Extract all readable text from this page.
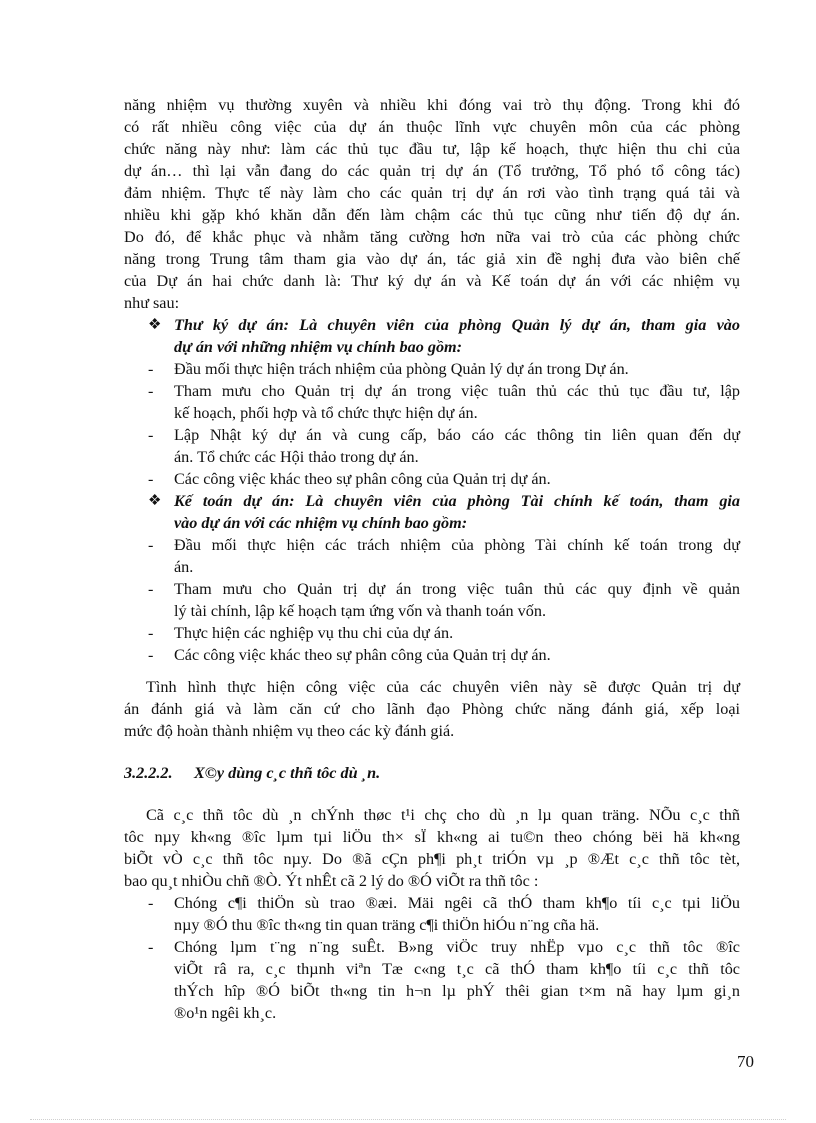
năng nhiệm vụ thường xuyên và nhiều khi đóng vai trò thụ động. Trong khi đó
có rất nhiều công việc của dự án thuộc lĩnh vực chuyên môn của các phòng
chức năng này như: làm các thủ tục đầu tư, lập kế hoạch, thực hiện thu chi của
dự án… thì lại vẫn đang do các quản trị dự án (Tổ trưởng, Tổ phó tổ công tác)
đảm nhiệm. Thực tế này làm cho các quản trị dự án rơi vào tình trạng quá tải và
nhiều khi gặp khó khăn dẫn đến làm chậm các thủ tục cũng như tiến độ dự án.
Do đó, để khắc phục và nhằm tăng cường hơn nữa vai trò của các phòng chức
năng trong Trung tâm tham gia vào dự án, tác giả xin đề nghị đưa vào biên chế
của Dự án hai chức danh là: Thư ký dự án và Kế toán dự án với các nhiệm vụ
như sau:
❖ Thư ký dự án: Là chuyên viên của phòng Quản lý dự án, tham gia vào
dự án với những nhiệm vụ chính bao gồm:
- Đầu mối thực hiện trách nhiệm của phòng Quản lý dự án trong Dự án.
- Tham mưu cho Quản trị dự án trong việc tuân thủ các thủ tục đầu tư, lập
kế hoạch, phối hợp và tổ chức thực hiện dự án.
- Lập Nhật ký dự án và cung cấp, báo cáo các thông tin liên quan đến dự
án. Tổ chức các Hội thảo trong dự án.
- Các công việc khác theo sự phân công của Quản trị dự án.
❖ Kế toán dự án: Là chuyên viên của phòng Tài chính kế toán, tham gia
vào dự án với các nhiệm vụ chính bao gồm:
- Đầu mối thực hiện các trách nhiệm của phòng Tài chính kế toán trong dự
án.
- Tham mưu cho Quản trị dự án trong việc tuân thủ các quy định về quản
lý tài chính, lập kế hoạch tạm ứng vốn và thanh toán vốn.
- Thực hiện các nghiệp vụ thu chi của dự án.
- Các công việc khác theo sự phân công của Quản trị dự án.
Tình hình thực hiện công việc của các chuyên viên này sẽ được Quản trị dự
án đánh giá và làm căn cứ cho lãnh đạo Phòng chức năng đánh giá, xếp loại
mức độ hoàn thành nhiệm vụ theo các kỳ đánh giá.
3.2.2.2. X©y dùng c¸c thñ tôc dù ¸n.
Cã c¸c thñ tôc dù ¸n chÝnh thøc t¹i chç cho dù ¸n lµ quan träng. NÕu c¸c thñ
tôc nµy kh«ng ®îc lµm tµi liÖu th× sÏ kh«ng ai tu©n theo chóng bëi hä kh«ng
biÕt vÒ c¸c thñ tôc nµy. Do ®ã cÇn ph¶i ph¸t triÓn vµ ¸p ®Æt c¸c thñ tôc tèt,
bao qu¸t nhiÒu chñ ®Ò. Ýt nhÊt cã 2 lý do ®Ó viÕt ra thñ tôc :
- Chóng c¶i thiÖn sù trao ®æi. Mäi ngêi cã thÓ tham kh¶o tíi c¸c tµi liÖu
nµy ®Ó thu ®îc th«ng tin quan träng c¶i thiÖn hiÓu n¨ng cña hä.
- Chóng lµm t¨ng n¨ng suÊt. B»ng viÖc truy nhËp vµo c¸c thñ tôc ®îc
viÕt râ ra, c¸c thµnh viªn Tæ c«ng t¸c cã thÓ tham kh¶o tíi c¸c thñ tôc
thÝch hîp ®Ó biÕt th«ng tin h¬n lµ phÝ thêi gian t×m nã hay lµm gi¸n
®o¹n ngêi kh¸c.
70
